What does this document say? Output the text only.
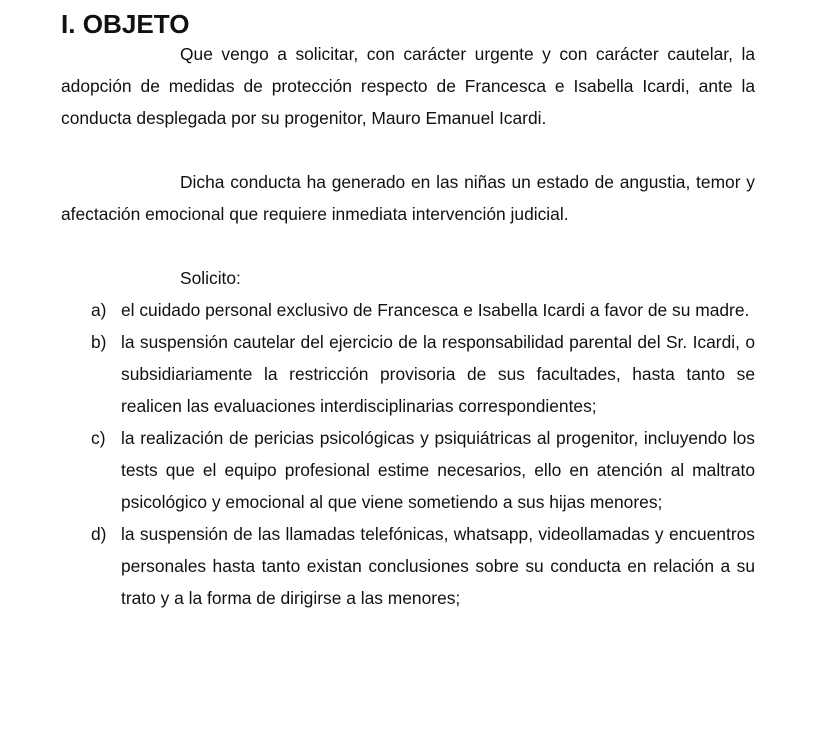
I. OBJETO

Que vengo a solicitar, con carácter urgente y con carácter cautelar, la adopción de medidas de protección respecto de Francesca e Isabella Icardi, ante la conducta desplegada por su progenitor, Mauro Emanuel Icardi.

Dicha conducta ha generado en las niñas un estado de angustia, temor y afectación emocional que requiere inmediata intervención judicial.

Solicito:

a) el cuidado personal exclusivo de Francesca e Isabella Icardi a favor de su madre.
b) la suspensión cautelar del ejercicio de la responsabilidad parental del Sr. Icardi, o subsidiariamente la restricción provisoria de sus facultades, hasta tanto se realicen las evaluaciones interdisciplinarias correspondientes;
c) la realización de pericias psicológicas y psiquiátricas al progenitor, incluyendo los tests que el equipo profesional estime necesarios, ello en atención al maltrato psicológico y emocional al que viene sometiendo a sus hijas menores;
d) la suspensión de las llamadas telefónicas, whatsapp, videollamadas y encuentros personales hasta tanto existan conclusiones sobre su conducta en relación a su trato y a la forma de dirigirse a las menores;
